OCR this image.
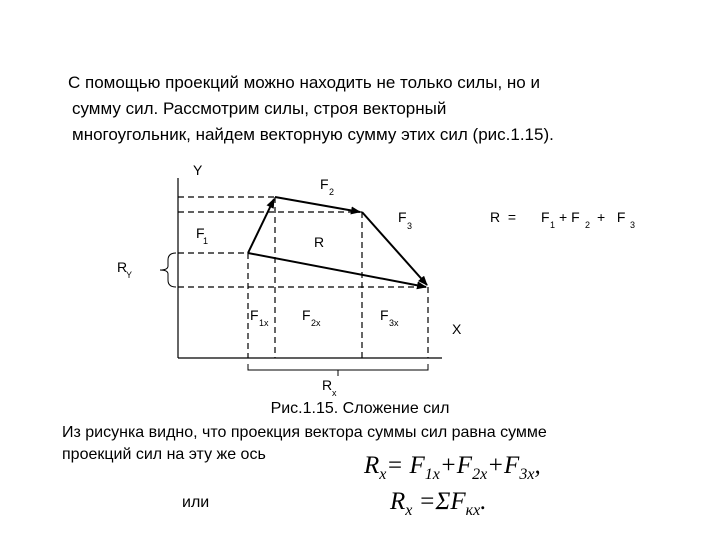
С помощью проекций можно находить не только силы, но и
сумму сил. Рассмотрим силы, строя векторный
многоугольник, найдем векторную сумму этих сил (рис.1.15).
Y
X
F
1
F 2
F
3
R
R
Y
F 1x F 2x	F 3x
R x
R  = F 1 + F 2 +   F 3
Рис.1.15. Сложение сил
Из рисунка видно, что проекция вектора суммы сил равна сумме
проекций сил на эту же ось	$R_x= F_{1x}+F_{2x}+F_{3x}$,
или	$R_x =\Sigma F_{кx}$.
